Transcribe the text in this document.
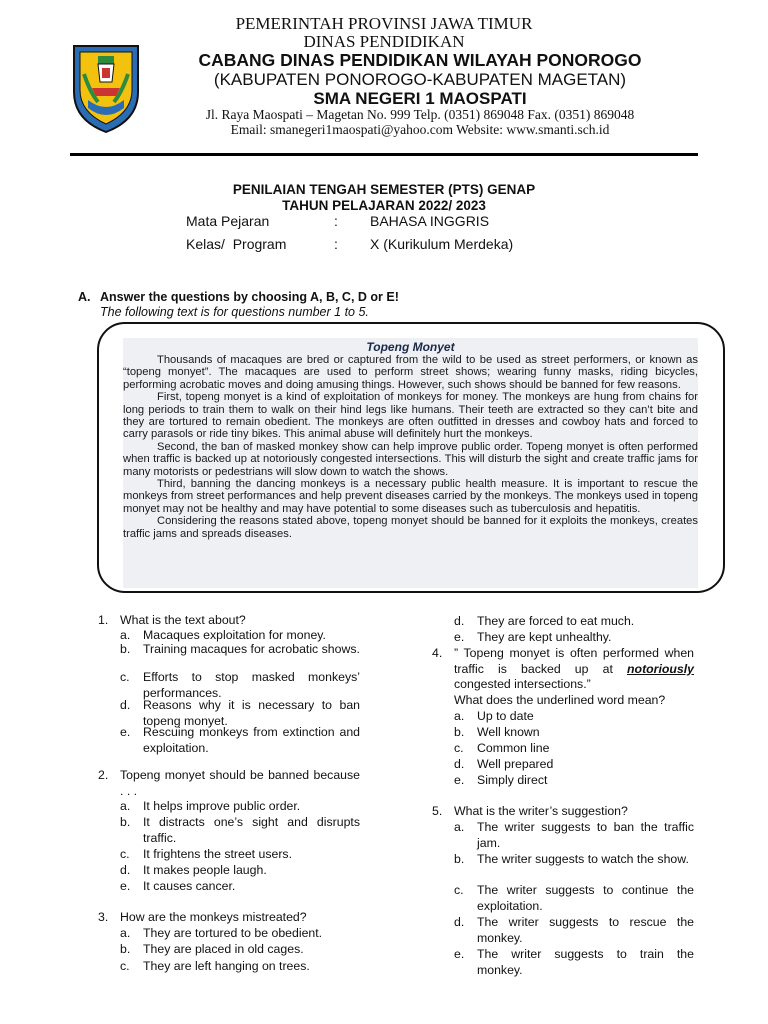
PEMERINTAH PROVINSI JAWA TIMUR
DINAS PENDIDIKAN
CABANG DINAS PENDIDIKAN WILAYAH PONOROGO
(KABUPATEN PONOROGO-KABUPATEN MAGETAN)
SMA NEGERI 1 MAOSPATI
Jl. Raya Maospati – Magetan No. 999 Telp. (0351) 869048 Fax. (0351) 869048
Email: smanegeri1maospati@yahoo.com Website: www.smanti.sch.id
PENILAIAN TENGAH SEMESTER (PTS) GENAP
TAHUN PELAJARAN 2022/ 2023
Mata Pejaran	: BAHASA INGGRIS
Kelas/  Program	: X (Kurikulum Merdeka)
A. Answer the questions by choosing A, B, C, D or E!
The following text is for questions number 1 to 5.
Topeng Monyet

Thousands of macaques are bred or captured from the wild to be used as street performers, or known as “topeng monyet”. The macaques are used to perform street shows; wearing funny masks, riding bicycles, performing acrobatic moves and doing amusing things. However, such shows should be banned for few reasons.

First, topeng monyet is a kind of exploitation of monkeys for money. The monkeys are hung from chains for long periods to train them to walk on their hind legs like humans. Their teeth are extracted so they can’t bite and they are tortured to remain obedient. The monkeys are often outfitted in dresses and cowboy hats and forced to carry parasols or ride tiny bikes. This animal abuse will definitely hurt the monkeys.

Second, the ban of masked monkey show can help improve public order. Topeng monyet is often performed when traffic is backed up at notoriously congested intersections. This will disturb the sight and create traffic jams for many motorists or pedestrians will slow down to watch the shows.

Third, banning the dancing monkeys is a necessary public health measure. It is important to rescue the monkeys from street performances and help prevent diseases carried by the monkeys. The monkeys used in topeng monyet may not be healthy and may have potential to some diseases such as tuberculosis and hepatitis.

Considering the reasons stated above, topeng monyet should be banned for it exploits the monkeys, creates traffic jams and spreads diseases.

1. What is the text about?
a. Macaques exploitation for money.
b. Training macaques for acrobatic shows.
c. Efforts to stop masked monkeys’ performances.
d. Reasons why it is necessary to ban topeng monyet.
e. Rescuing monkeys from extinction and exploitation.
2. Topeng monyet should be banned because . . .
a. It helps improve public order.
b. It distracts one’s sight and disrupts traffic.
c. It frightens the street users.
d. It makes people laugh.
e. It causes cancer.
3. How are the monkeys mistreated?
a. They are tortured to be obedient.
b. They are placed in old cages.
c. They are left hanging on trees.
d. They are forced to eat much.
e. They are kept unhealthy.
4. ” Topeng monyet is often performed when traffic is backed up at notoriously congested intersections.”
What does the underlined word mean?
a. Up to date
b. Well known
c. Common line
d. Well prepared
e. Simply direct
5. What is the writer’s suggestion?
a. The writer suggests to ban the traffic jam.
b. The writer suggests to watch the show.
c. The writer suggests to continue the exploitation.
d. The writer suggests to rescue the monkey.
e. The writer suggests to train the monkey.
